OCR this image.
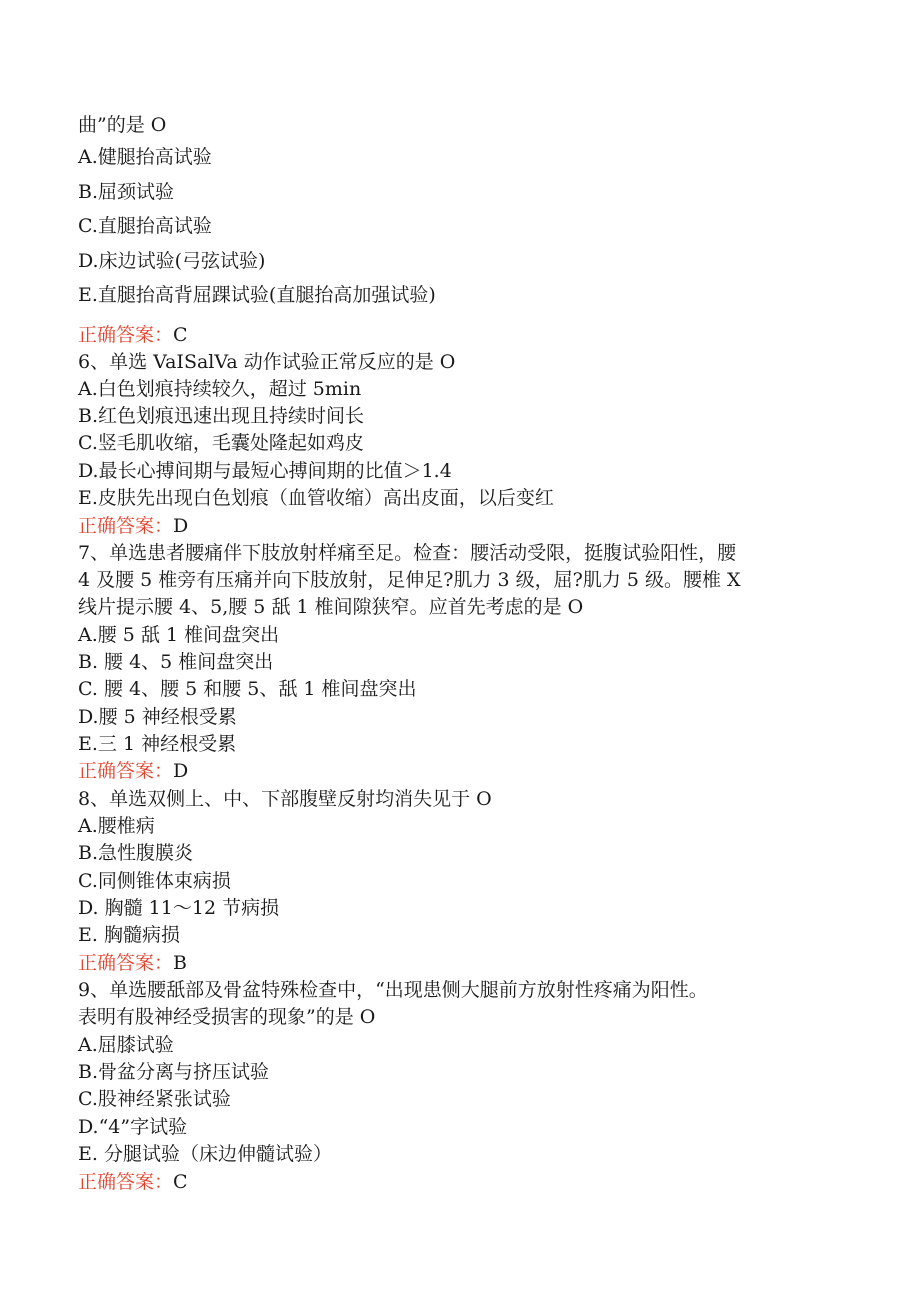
曲”的是 O
A.健腿抬高试验
B.屈颈试验
C.直腿抬高试验
D.床边试验(弓弦试验)
E.直腿抬高背屈踝试验(直腿抬高加强试验)
正确答案：C
6、单选 VaISalVa 动作试验正常反应的是 O
A.白色划痕持续较久，超过 5min
B.红色划痕迅速出现且持续时间长
C.竖毛肌收缩，毛囊处隆起如鸡皮
D.最长心搏间期与最短心搏间期的比值＞1.4
E.皮肤先出现白色划痕（血管收缩）高出皮面，以后变红
正确答案：D
7、单选患者腰痛伴下肢放射样痛至足。检查：腰活动受限，挺腹试验阳性，腰
4 及腰 5 椎旁有压痛并向下肢放射，足伸足?肌力 3 级，屈?肌力 5 级。腰椎 X
线片提示腰 4、5,腰 5 舐 1 椎间隙狭窄。应首先考虑的是 O
A.腰 5 舐 1 椎间盘突出
B. 腰 4、5 椎间盘突出
C. 腰 4、腰 5 和腰 5、舐 1 椎间盘突出
D.腰 5 神经根受累
E.三 1 神经根受累
正确答案：D
8、单选双侧上、中、下部腹壁反射均消失见于 O
A.腰椎病
B.急性腹膜炎
C.同侧锥体束病损
D. 胸髓 11～12 节病损
E. 胸髓病损
正确答案：B
9、单选腰舐部及骨盆特殊检查中，“出现患侧大腿前方放射性疼痛为阳性。
表明有股神经受损害的现象”的是 O
A.屈膝试验
B.骨盆分离与挤压试验
C.股神经紧张试验
D.“4”字试验
E. 分腿试验（床边伸髓试验）
正确答案：C
